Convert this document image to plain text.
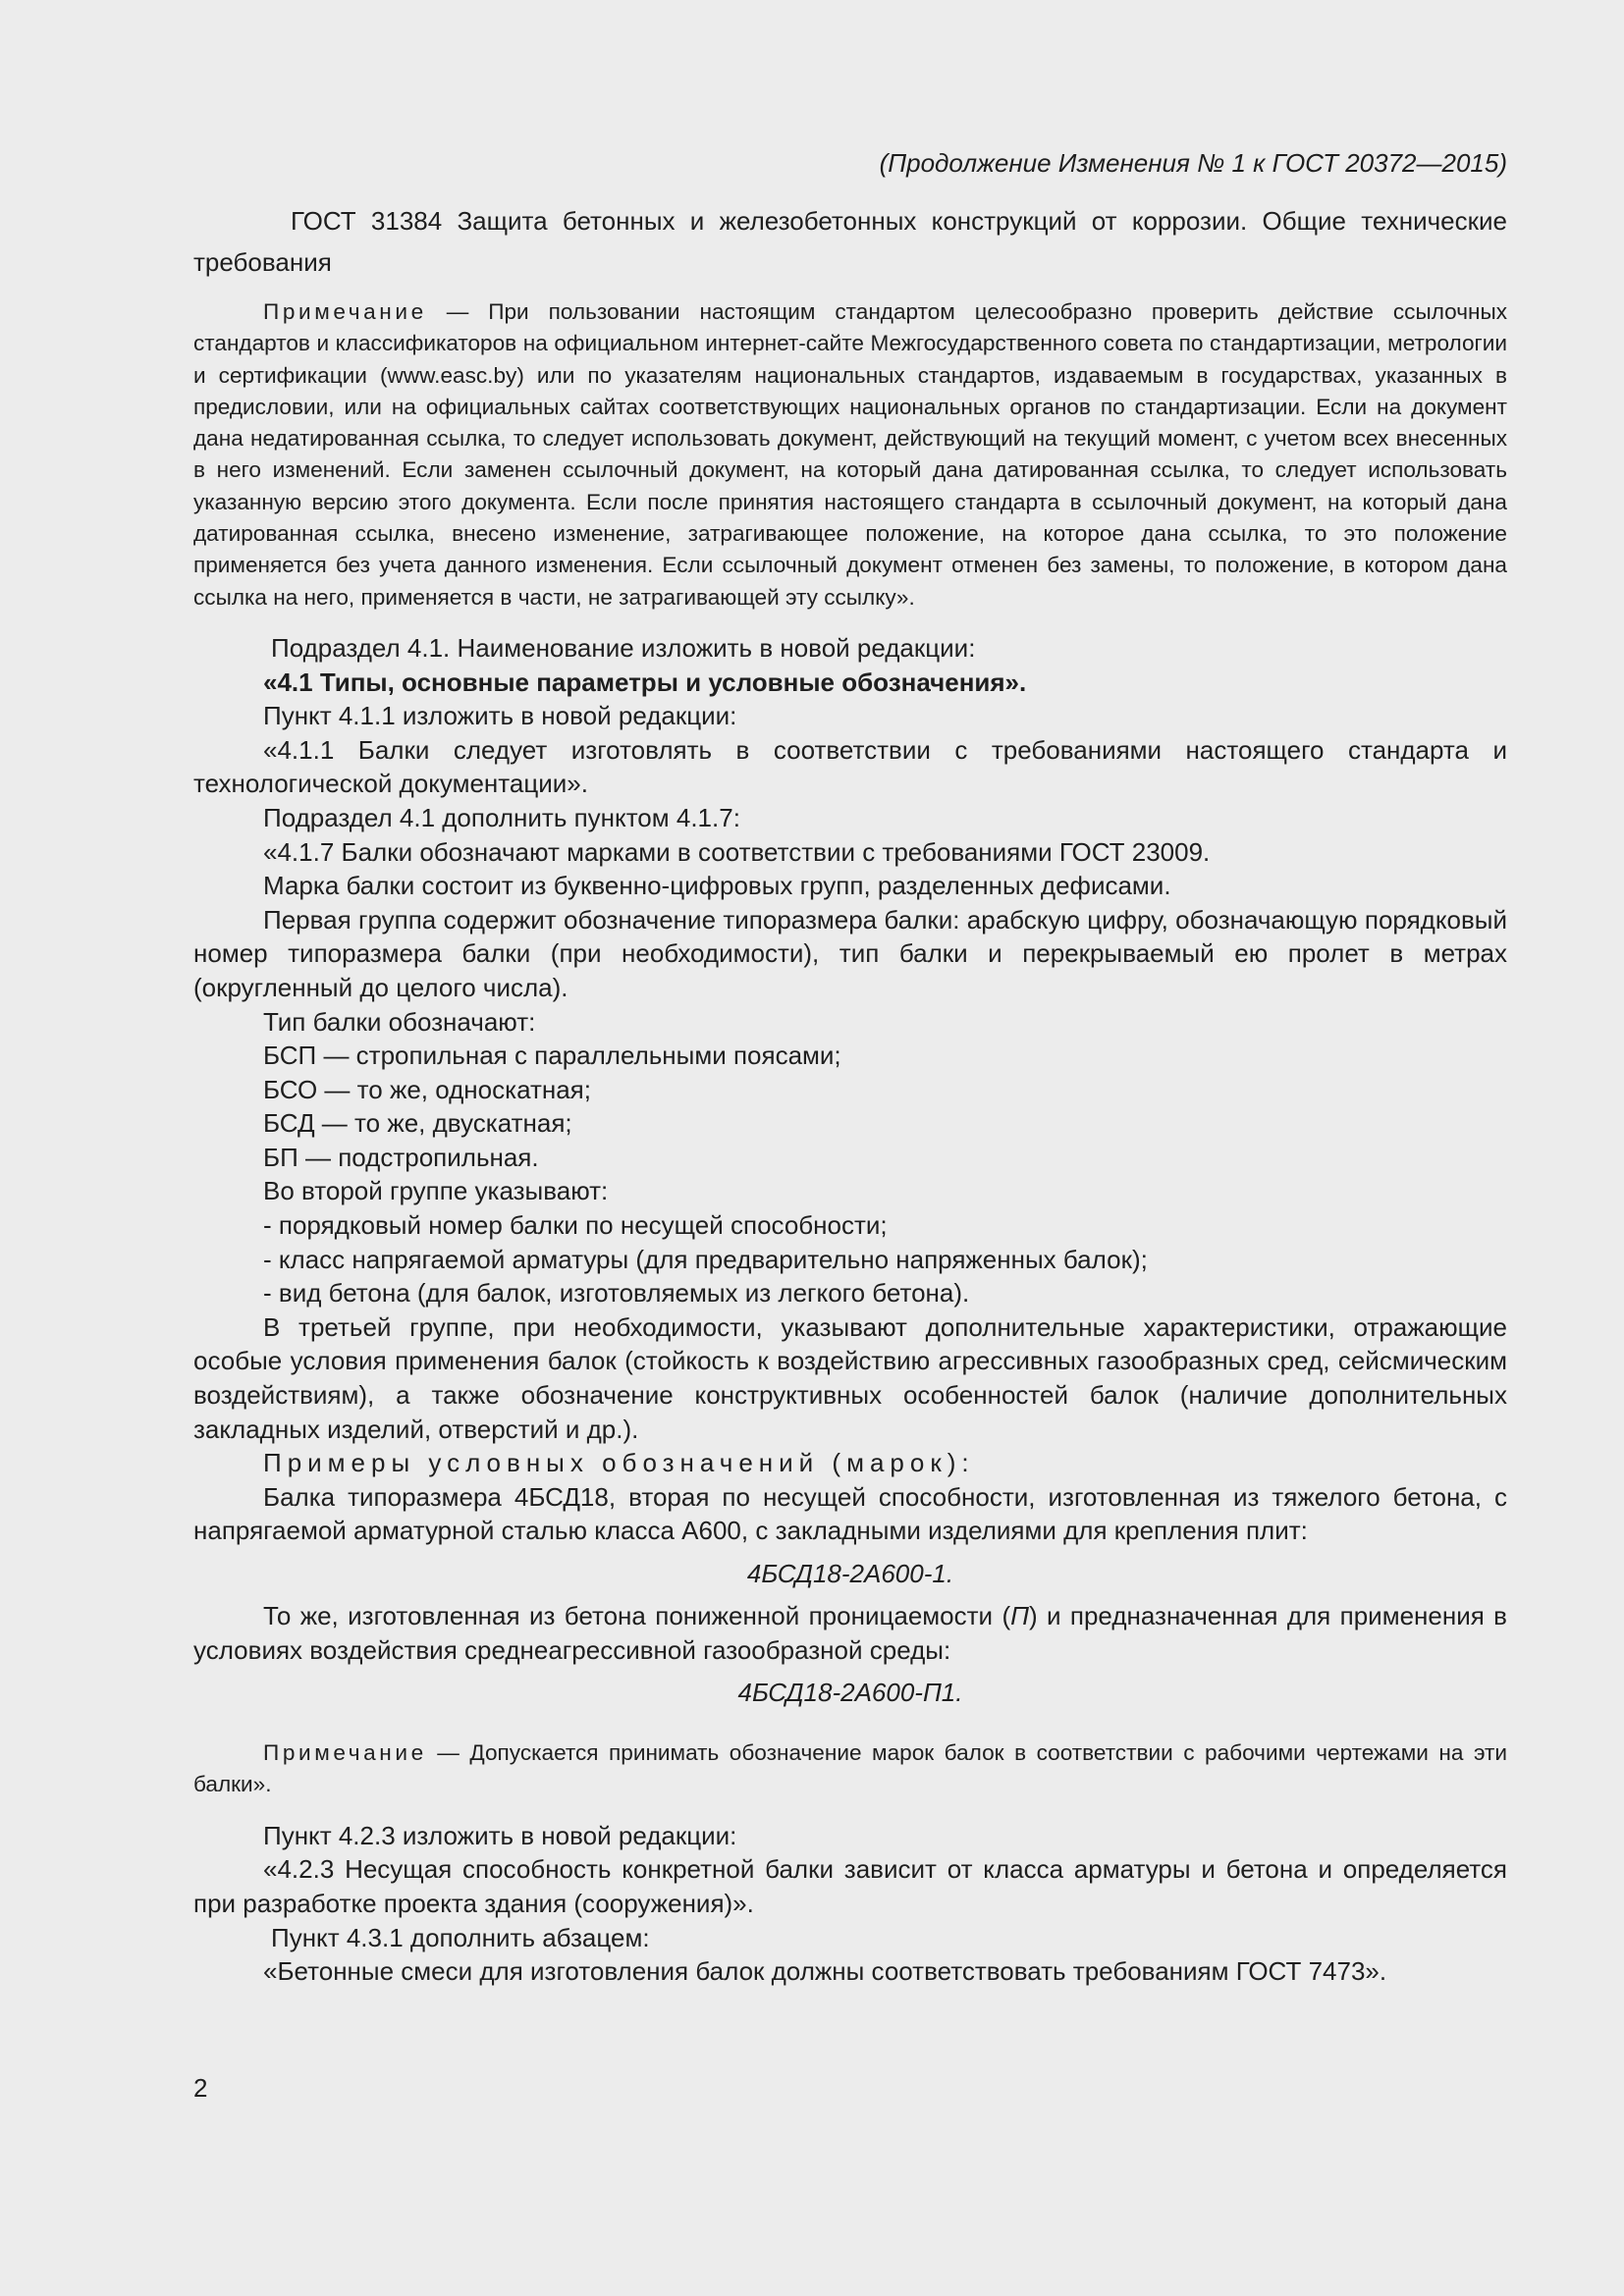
(Продолжение Изменения № 1 к ГОСТ 20372—2015)

ГОСТ 31384 Защита бетонных и железобетонных конструкций от коррозии. Общие технические требования

Примечание — При пользовании настоящим стандартом целесообразно проверить действие ссылочных стандартов и классификаторов на официальном интернет-сайте Межгосударственного совета по стандартизации, метрологии и сертификации (www.easc.by) или по указателям национальных стандартов, издаваемым в государствах, указанных в предисловии, или на официальных сайтах соответствующих национальных органов по стандартизации. Если на документ дана недатированная ссылка, то следует использовать документ, действующий на текущий момент, с учетом всех внесенных в него изменений. Если заменен ссылочный документ, на который дана датированная ссылка, то следует использовать указанную версию этого документа. Если после принятия настоящего стандарта в ссылочный документ, на который дана датированная ссылка, внесено изменение, затрагивающее положение, на которое дана ссылка, то это положение применяется без учета данного изменения. Если ссылочный документ отменен без замены, то положение, в котором дана ссылка на него, применяется в части, не затрагивающей эту ссылку».

Подраздел 4.1. Наименование изложить в новой редакции:

«4.1 Типы, основные параметры и условные обозначения».

Пункт 4.1.1 изложить в новой редакции:

«4.1.1 Балки следует изготовлять в соответствии с требованиями настоящего стандарта и технологической документации».

Подраздел 4.1 дополнить пунктом 4.1.7:

«4.1.7 Балки обозначают марками в соответствии с требованиями ГОСТ 23009.

Марка балки состоит из буквенно-цифровых групп, разделенных дефисами.

Первая группа содержит обозначение типоразмера балки: арабскую цифру, обозначающую порядковый номер типоразмера балки (при необходимости), тип балки и перекрываемый ею пролет в метрах (округленный до целого числа).

Тип балки обозначают:

БСП — стропильная с параллельными поясами;

БСО — то же, односкатная;

БСД — то же, двускатная;

БП — подстропильная.

Во второй группе указывают:

- порядковый номер балки по несущей способности;

- класс напрягаемой арматуры (для предварительно напряженных балок);

- вид бетона (для балок, изготовляемых из легкого бетона).

В третьей группе, при необходимости, указывают дополнительные характеристики, отражающие особые условия применения балок (стойкость к воздействию агрессивных газообразных сред, сейсмическим воздействиям), а также обозначение конструктивных особенностей балок (наличие дополнительных закладных изделий, отверстий и др.).

Примеры условных обозначений (марок):

Балка типоразмера 4БСД18, вторая по несущей способности, изготовленная из тяжелого бетона, с напрягаемой арматурной сталью класса А600, с закладными изделиями для крепления плит:

4БСД18-2А600-1.

То же, изготовленная из бетона пониженной проницаемости (П) и предназначенная для применения в условиях воздействия среднеагрессивной газообразной среды:

4БСД18-2А600-П1.

Примечание — Допускается принимать обозначение марок балок в соответствии с рабочими чертежами на эти балки».

Пункт 4.2.3 изложить в новой редакции:

«4.2.3 Несущая способность конкретной балки зависит от класса арматуры и бетона и определяется при разработке проекта здания (сооружения)».

Пункт 4.3.1 дополнить абзацем:

«Бетонные смеси для изготовления балок должны соответствовать требованиям ГОСТ 7473».

2
